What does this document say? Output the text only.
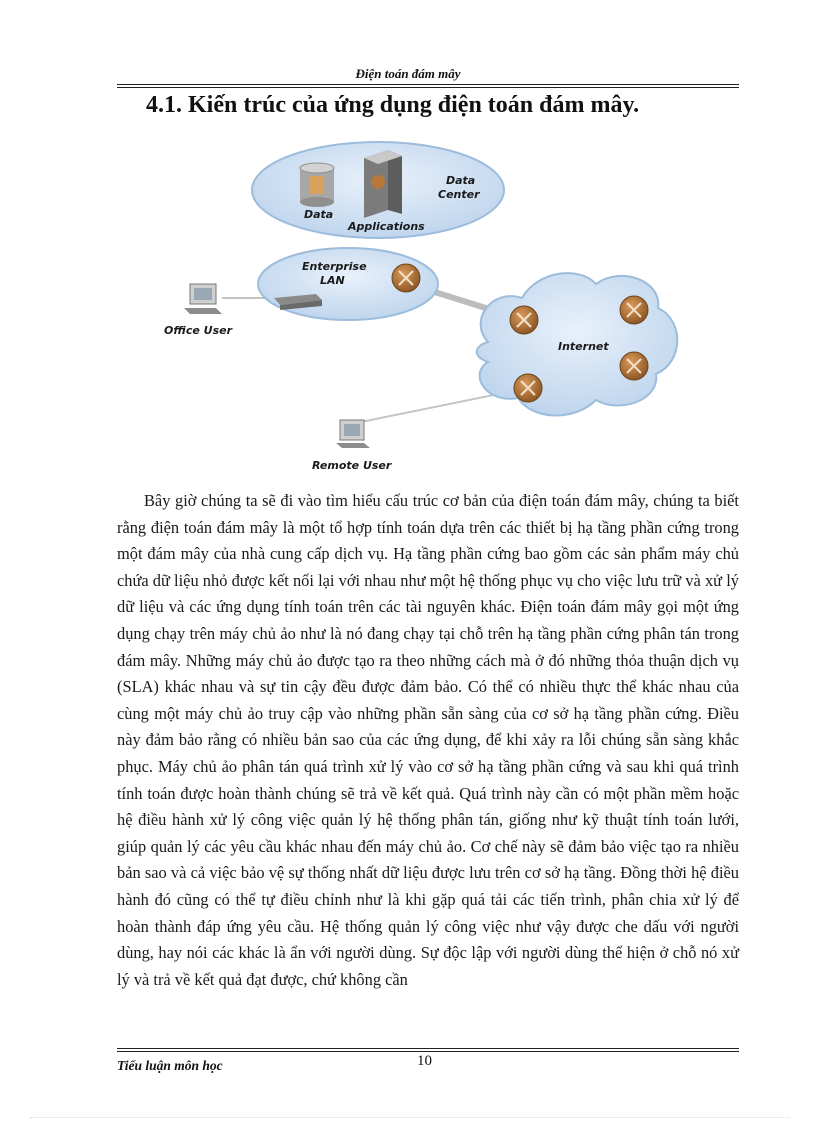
Điện toán đám mây
4.1. Kiến trúc của ứng dụng điện toán đám mây.
Data
Applications
Data
Center
Enterprise
LAN
Internet
Office User
Remote User
Bây giờ chúng ta sẽ đi vào tìm hiểu cấu trúc cơ bản của điện toán đám mây, chúng ta biết rằng điện toán đám mây là một tổ hợp tính toán dựa trên các thiết bị hạ tầng phần cứng trong một đám mây của nhà cung cấp dịch vụ. Hạ tầng phần cứng bao gồm các sản phẩm máy chủ chứa dữ liệu nhỏ được kết nối lại với nhau như một hệ thống phục vụ cho việc lưu trữ và xử lý dữ liệu và các ứng dụng tính toán trên các tài nguyên khác. Điện toán đám mây gọi một ứng dụng chạy trên máy chủ ảo như là nó đang chạy tại chỗ trên hạ tầng phần cứng phân tán trong đám mây. Những máy chủ ảo được tạo ra theo những cách mà ở đó những thỏa thuận dịch vụ (SLA) khác nhau và sự tin cậy đều được đảm bảo. Có thể có nhiều thực thể khác nhau của cùng một máy chủ ảo truy cập vào những phần sẵn sàng của cơ sở hạ tầng phần cứng. Điều này đảm bảo rằng có nhiều bản sao của các ứng dụng, để khi xảy ra lỗi chúng sẵn sàng khắc phục. Máy chủ ảo phân tán quá trình xử lý vào cơ sở hạ tầng phần cứng và sau khi quá trình tính toán được hoàn thành chúng sẽ trả về kết quả. Quá trình này cần có một phần mềm hoặc hệ điều hành xử lý công việc quản lý hệ thống phân tán, giống như kỹ thuật tính toán lưới, giúp quản lý các yêu cầu khác nhau đến máy chủ ảo. Cơ chế này sẽ đảm bảo việc tạo ra nhiều bản sao và cả việc bảo vệ sự thống nhất dữ liệu được lưu trên cơ sở hạ tầng. Đồng thời hệ điều hành đó cũng có thể tự điều chỉnh như là khi gặp quá tải các tiến trình, phân chia xử lý để hoàn thành đáp ứng yêu cầu. Hệ thống quản lý công việc như vậy được che dấu với người dùng, hay nói các khác là ẩn với người dùng. Sự độc lập với người dùng thể hiện ở chỗ nó xử lý và trả về kết quả đạt được, chứ không cần
Tiểu luận môn học	10
